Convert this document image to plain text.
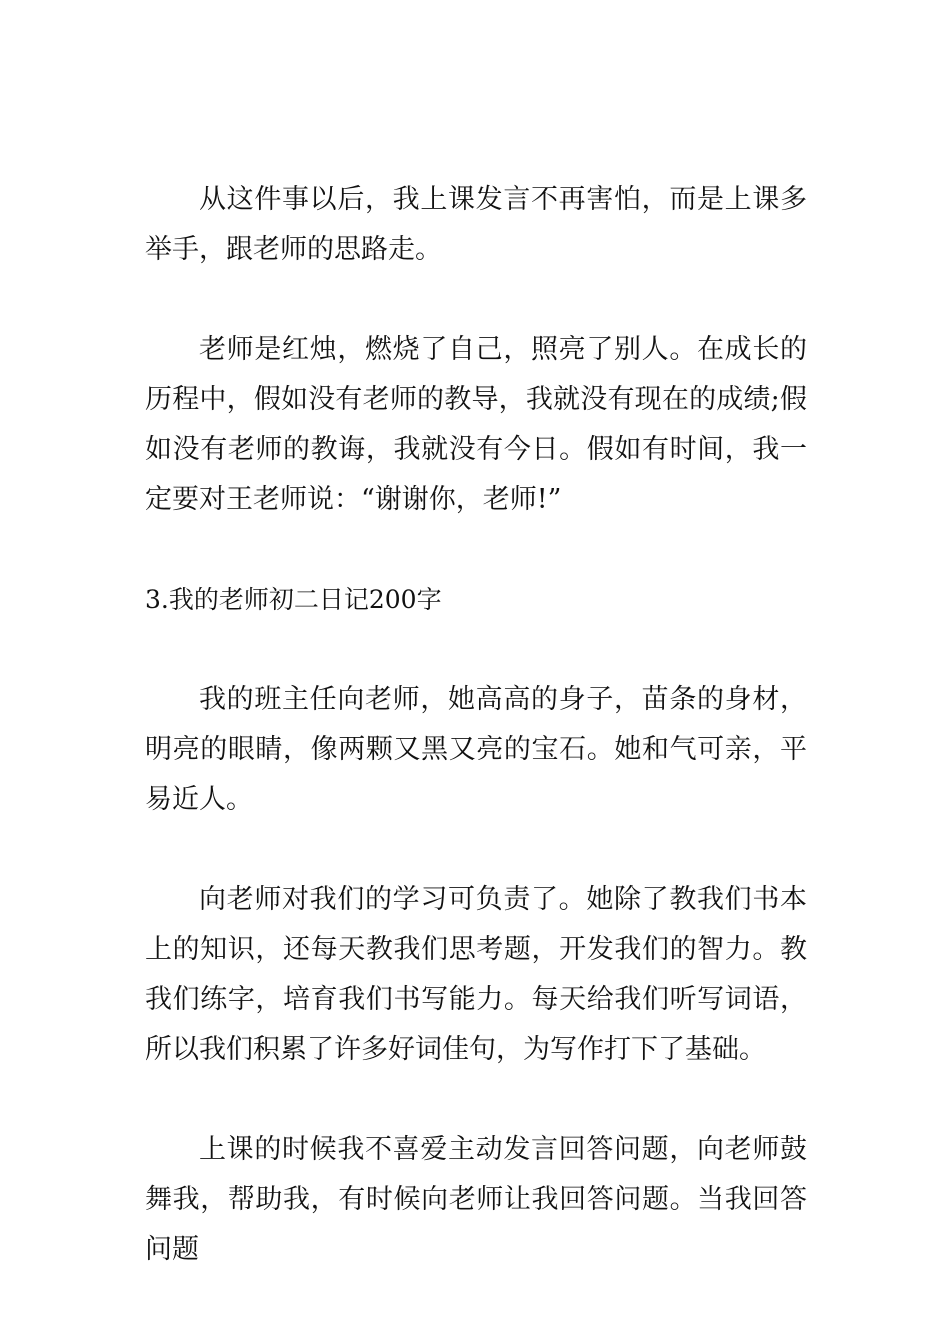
从这件事以后，我上课发言不再害怕，而是上课多举手，跟老师的思路走。

老师是红烛，燃烧了自己，照亮了别人。在成长的历程中，假如没有老师的教导，我就没有现在的成绩;假如没有老师的教诲，我就没有今日。假如有时间，我一定要对王老师说：“谢谢你，老师!”

3.我的老师初二日记200字

我的班主任向老师，她高高的身子，苗条的身材，明亮的眼睛，像两颗又黑又亮的宝石。她和气可亲，平易近人。

向老师对我们的学习可负责了。她除了教我们书本上的知识，还每天教我们思考题，开发我们的智力。教我们练字，培育我们书写能力。每天给我们听写词语，所以我们积累了许多好词佳句，为写作打下了基础。

上课的时候我不喜爱主动发言回答问题，向老师鼓舞我，帮助我，有时候向老师让我回答问题。当我回答问题
